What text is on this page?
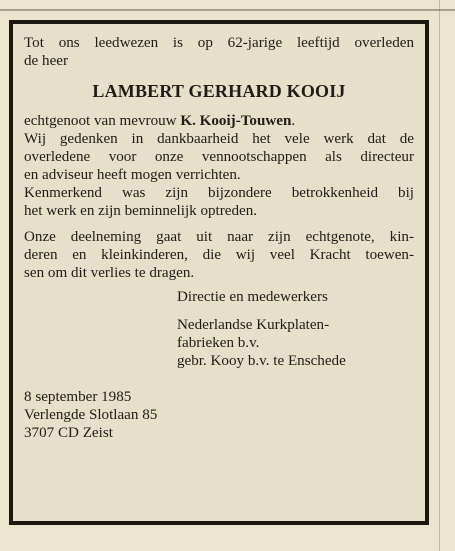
Tot ons leedwezen is op 62-jarige leeftijd overleden
de heer
LAMBERT GERHARD KOOIJ
echtgenoot van mevrouw K. Kooij-Touwen.
Wij gedenken in dankbaarheid het vele werk dat de
overledene voor onze vennootschappen als directeur
en adviseur heeft mogen verrichten.
Kenmerkend was zijn bijzondere betrokkenheid bij
het werk en zijn beminnelijk optreden.
Onze deelneming gaat uit naar zijn echtgenote, kin-
deren en kleinkinderen, die wij veel Kracht toewen-
sen om dit verlies te dragen.
Directie en medewerkers
Nederlandse Kurkplaten-
fabrieken b.v.
gebr. Kooy b.v. te Enschede
8 september 1985
Verlengde Slotlaan 85
3707 CD Zeist
